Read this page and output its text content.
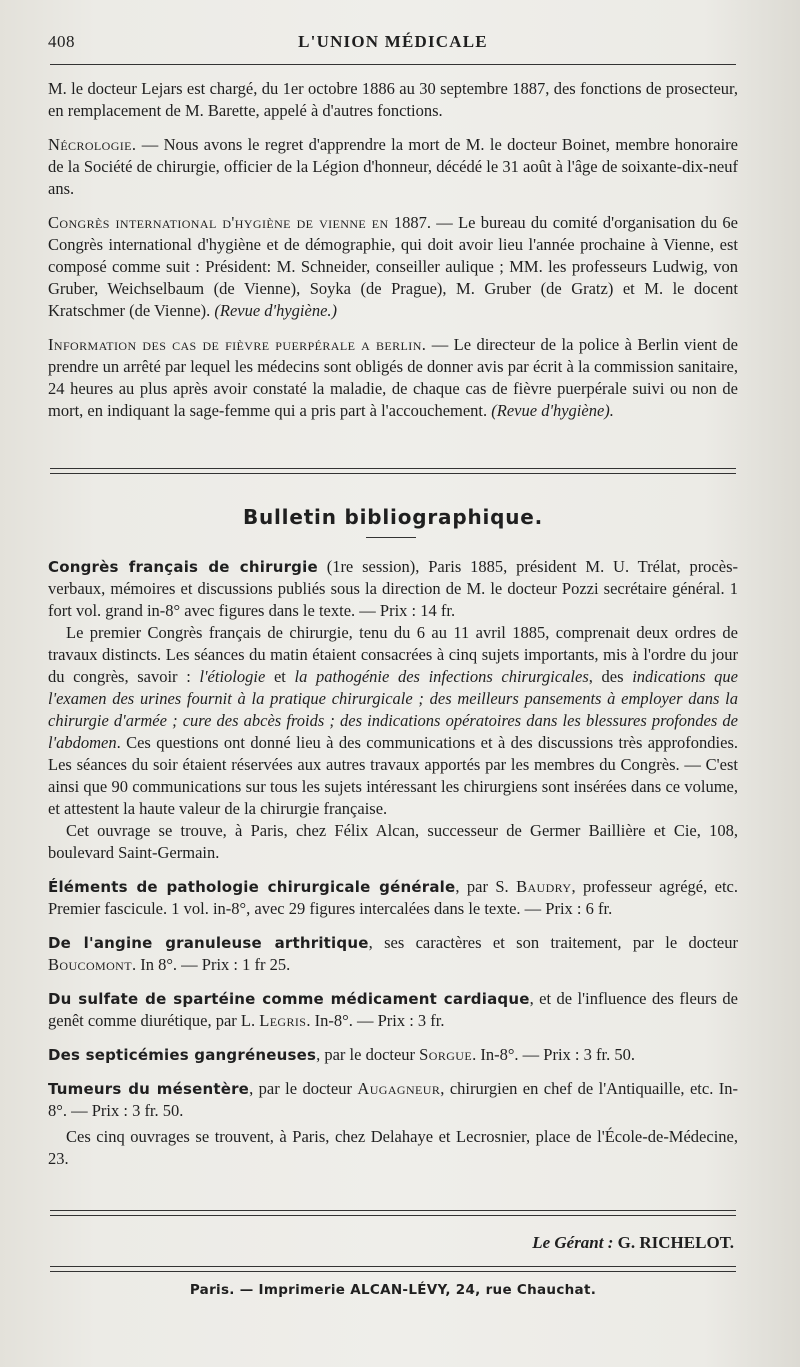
408	L'UNION MÉDICALE

M. le docteur Lejars est chargé, du 1er octobre 1886 au 30 septembre 1887, des fonctions de prosecteur, en remplacement de M. Barette, appelé à d'autres fonctions.

Nécrologie. — Nous avons le regret d'apprendre la mort de M. le docteur Boinet, membre honoraire de la Société de chirurgie, officier de la Légion d'honneur, décédé le 31 août à l'âge de soixante-dix-neuf ans.

Congrès international d'hygiène de vienne en 1887. — Le bureau du comité d'organisation du 6e Congrès international d'hygiène et de démographie, qui doit avoir lieu l'année prochaine à Vienne, est composé comme suit : Président: M. Schneider, conseiller aulique ; MM. les professeurs Ludwig, von Gruber, Weichselbaum (de Vienne), Soyka (de Prague), M. Gruber (de Gratz) et M. le docent Kratschmer (de Vienne). (Revue d'hygiène.)

Information des cas de fièvre puerpérale a berlin. — Le directeur de la police à Berlin vient de prendre un arrêté par lequel les médecins sont obligés de donner avis par écrit à la commission sanitaire, 24 heures au plus après avoir constaté la maladie, de chaque cas de fièvre puerpérale suivi ou non de mort, en indiquant la sage-femme qui a pris part à l'accouchement. (Revue d'hygiène).

Bulletin bibliographique.

Congrès français de chirurgie (1re session), Paris 1885, président M. U. Trélat, procès-verbaux, mémoires et discussions publiés sous la direction de M. le docteur Pozzi secrétaire général. 1 fort vol. grand in-8° avec figures dans le texte. — Prix : 14 fr.

Le premier Congrès français de chirurgie, tenu du 6 au 11 avril 1885, comprenait deux ordres de travaux distincts. Les séances du matin étaient consacrées à cinq sujets importants, mis à l'ordre du jour du congrès, savoir : l'étiologie et la pathogénie des infections chirurgicales, des indications que l'examen des urines fournit à la pratique chirurgicale ; des meilleurs pansements à employer dans la chirurgie d'armée ; cure des abcès froids ; des indications opératoires dans les blessures profondes de l'abdomen. Ces questions ont donné lieu à des communications et à des discussions très approfondies. Les séances du soir étaient réservées aux autres travaux apportés par les membres du Congrès. — C'est ainsi que 90 communications sur tous les sujets intéressant les chirurgiens sont insérées dans ce volume, et attestent la haute valeur de la chirurgie française.

Cet ouvrage se trouve, à Paris, chez Félix Alcan, successeur de Germer Baillière et Cie, 108, boulevard Saint-Germain.

Éléments de pathologie chirurgicale générale, par S. Baudry, professeur agrégé, etc. Premier fascicule. 1 vol. in-8°, avec 29 figures intercalées dans le texte. — Prix : 6 fr.

De l'angine granuleuse arthritique, ses caractères et son traitement, par le docteur Boucomont. In 8°. — Prix : 1 fr 25.

Du sulfate de spartéine comme médicament cardiaque, et de l'influence des fleurs de genêt comme diurétique, par L. Legris. In-8°. — Prix : 3 fr.

Des septicémies gangréneuses, par le docteur Sorgue. In-8°. — Prix : 3 fr. 50.

Tumeurs du mésentère, par le docteur Augagneur, chirurgien en chef de l'Antiquaille, etc. In-8°. — Prix : 3 fr. 50.

Ces cinq ouvrages se trouvent, à Paris, chez Delahaye et Lecrosnier, place de l'École-de-Médecine, 23.

Le Gérant : G. RICHELOT.
Paris. — Imprimerie ALCAN-LÉVY, 24, rue Chauchat.
